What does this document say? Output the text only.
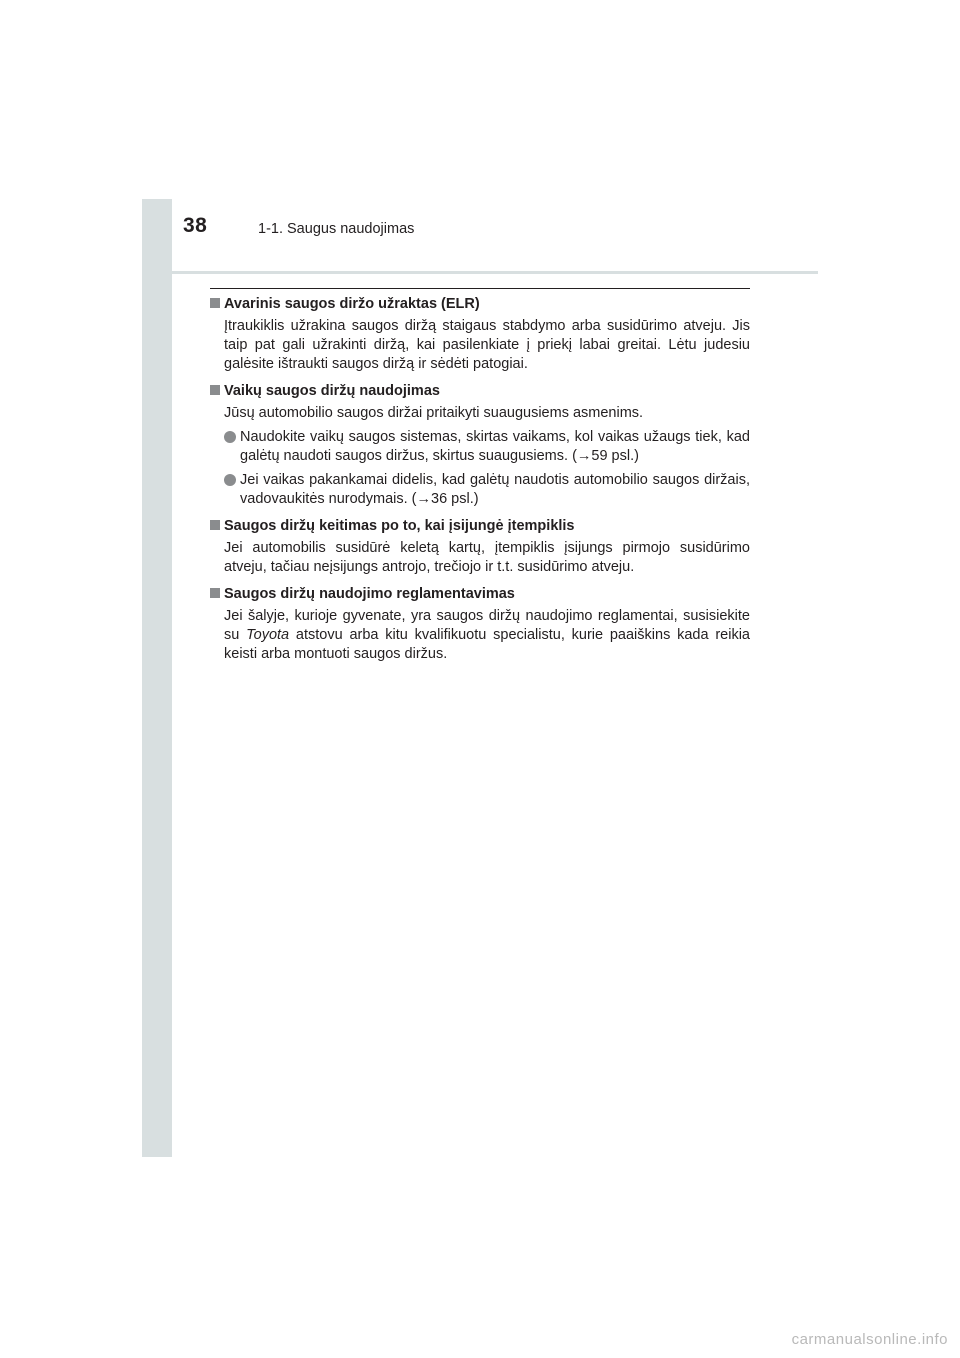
38	1-1. Saugus naudojimas
Avarinis saugos diržo užraktas (ELR)
Įtraukiklis užrakina saugos diržą staigaus stabdymo arba susidūrimo atveju. Jis taip pat gali užrakinti diržą, kai pasilenkiate į priekį labai greitai. Lėtu judesiu galėsite ištraukti saugos diržą ir sėdėti patogiai.
Vaikų saugos diržų naudojimas
Jūsų automobilio saugos diržai pritaikyti suaugusiems asmenims.
Naudokite vaikų saugos sistemas, skirtas vaikams, kol vaikas užaugs tiek, kad galėtų naudoti saugos diržus, skirtus suaugusiems. (→59 psl.)
Jei vaikas pakankamai didelis, kad galėtų naudotis automobilio saugos diržais, vadovaukitės nurodymais. (→36 psl.)
Saugos diržų keitimas po to, kai įsijungė įtempiklis
Jei automobilis susidūrė keletą kartų, įtempiklis įsijungs pirmojo susidūrimo atveju, tačiau neįsijungs antrojo, trečiojo ir t.t. susidūrimo atveju.
Saugos diržų naudojimo reglamentavimas
Jei šalyje, kurioje gyvenate, yra saugos diržų naudojimo reglamentai, susisiekite su Toyota atstovu arba kitu kvalifikuotu specialistu, kurie paaiškins kada reikia keisti arba montuoti saugos diržus.
carmanualsonline.info
